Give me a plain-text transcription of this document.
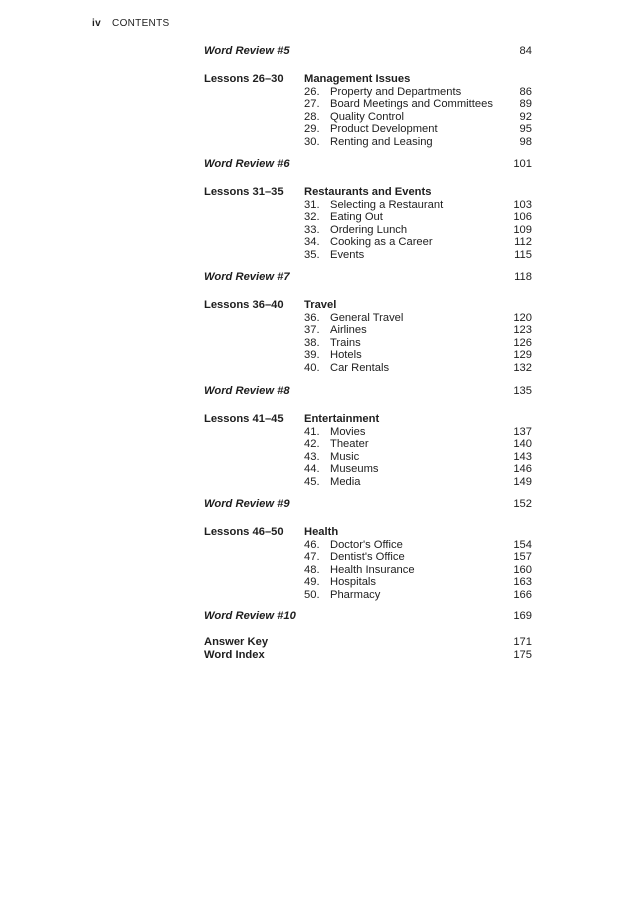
iv CONTENTS
Word Review #5	84
Lessons 26–30 Management Issues
26. Property and Departments	86
27. Board Meetings and Committees 89
28. Quality Control	92
29. Product Development	95
30. Renting and Leasing	98
Word Review #6	101
Lessons 31–35 Restaurants and Events
31. Selecting a Restaurant	103
32. Eating Out	106
33. Ordering Lunch	109
34. Cooking as a Career	112
35. Events	115
Word Review #7	118
Lessons 36–40 Travel
36. General Travel	120
37. Airlines	123
38. Trains	126
39. Hotels	129
40. Car Rentals	132
Word Review #8	135
Lessons 41–45 Entertainment
41. Movies	137
42. Theater	140
43. Music	143
44. Museums	146
45. Media	149
Word Review #9	152
Lessons 46–50 Health
46. Doctor's Office	154
47. Dentist's Office	157
48. Health Insurance	160
49. Hospitals	163
50. Pharmacy	166
Word Review #10	169
Answer Key	171
Word Index	175
